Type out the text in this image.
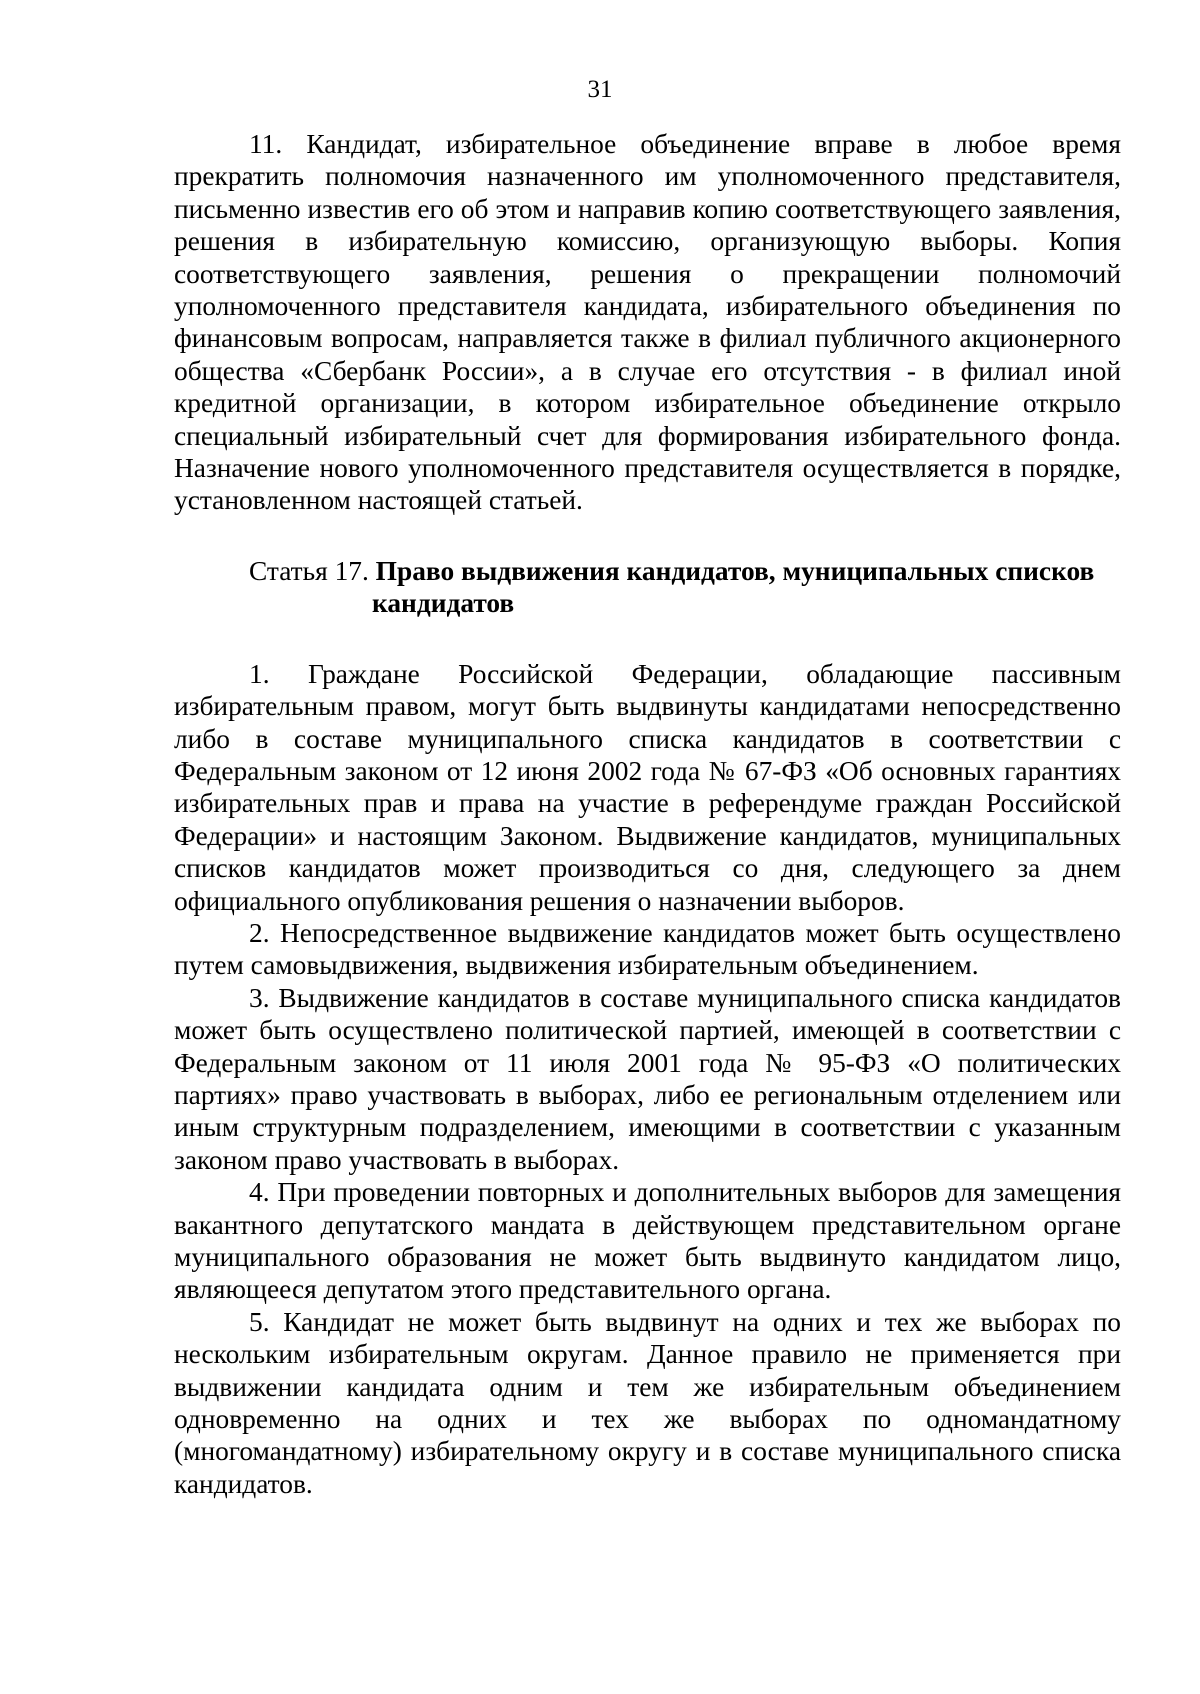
31

11. Кандидат, избирательное объединение вправе в любое время прекратить полномочия назначенного им уполномоченного представителя, письменно известив его об этом и направив копию соответствующего заявления, решения в избирательную комиссию, организующую выборы. Копия соответствующего заявления, решения о прекращении полномочий уполномоченного представителя кандидата, избирательного объединения по финансовым вопросам, направляется также в филиал публичного акционерного общества «Сбербанк России», а в случае его отсутствия - в филиал иной кредитной организации, в котором избирательное объединение открыло специальный избирательный счет для формирования избирательного фонда. Назначение нового уполномоченного представителя осуществляется в порядке, установленном настоящей статьей.

Статья 17. Право выдвижения кандидатов, муниципальных списков кандидатов

1. Граждане Российской Федерации, обладающие пассивным избирательным правом, могут быть выдвинуты кандидатами непосредственно либо в составе муниципального списка кандидатов в соответствии с Федеральным законом от 12 июня 2002 года № 67-ФЗ «Об основных гарантиях избирательных прав и права на участие в референдуме граждан Российской Федерации» и настоящим Законом. Выдвижение кандидатов, муниципальных списков кандидатов может производиться со дня, следующего за днем официального опубликования решения о назначении выборов.

2. Непосредственное выдвижение кандидатов может быть осуществлено путем самовыдвижения, выдвижения избирательным объединением.

3. Выдвижение кандидатов в составе муниципального списка кандидатов может быть осуществлено политической партией, имеющей в соответствии с Федеральным законом от 11 июля 2001 года № 95-ФЗ «О политических партиях» право участвовать в выборах, либо ее региональным отделением или иным структурным подразделением, имеющими в соответствии с указанным законом право участвовать в выборах.

4. При проведении повторных и дополнительных выборов для замещения вакантного депутатского мандата в действующем представительном органе муниципального образования не может быть выдвинуто кандидатом лицо, являющееся депутатом этого представительного органа.

5. Кандидат не может быть выдвинут на одних и тех же выборах по нескольким избирательным округам. Данное правило не применяется при выдвижении кандидата одним и тем же избирательным объединением одновременно на одних и тех же выборах по одномандатному (многомандатному) избирательному округу и в составе муниципального списка кандидатов.
